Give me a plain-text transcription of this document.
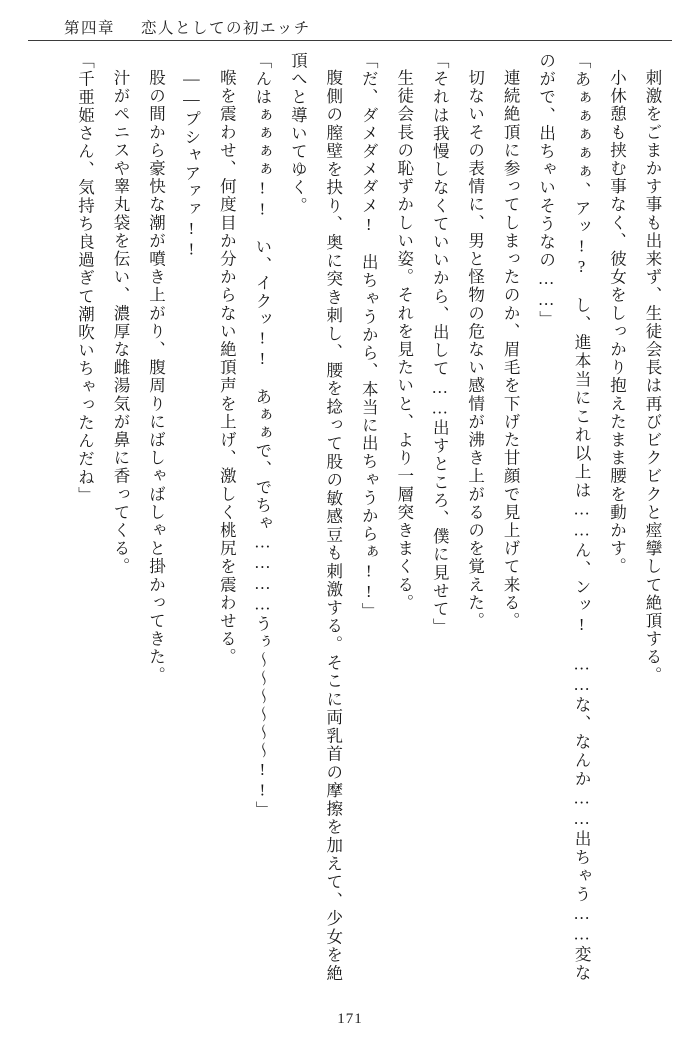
第四章 恋人としての初エッチ

刺激をごまかす事も出来ず、生徒会長は再びビクビクと痙攣して絶頂する。

小休憩も挟む事なく、彼女をしっかり抱えたまま腰を動かす。

「あぁぁぁぁぁ、アッ!?　し、進本当にこれ以上は……ん、ンッ!　……な、なんか……出ちゃう……変なのがで、出ちゃいそうなの……」

連続絶頂に参ってしまったのか、眉毛を下げた甘顔で見上げて来る。

切ないその表情に、男と怪物の危ない感情が沸き上がるのを覚えた。

「それは我慢しなくていいから、出して……出すところ、僕に見せて」

生徒会長の恥ずかしい姿。それを見たいと、より一層突きまくる。

「だ、ダメダメダメ!　出ちゃうから、本当に出ちゃうからぁ!!」

腹側の膣壁を抉り、奥に突き刺し、腰を捻って股の敏感豆も刺激する。そこに両乳首の摩擦を加えて、少女を絶頂へと導いてゆく。

「んはぁぁぁぁ!!　い、イクッ!!　あぁぁで、でちゃ…………うぅ～～～～～～!!」

喉を震わせ、何度目か分からない絶頂声を上げ、激しく桃尻を震わせる。

――プシャアァァ!!

股の間から豪快な潮が噴き上がり、腹周りにばしゃばしゃと掛かってきた。

汁がペニスや睾丸袋を伝い、濃厚な雌湯気が鼻に香ってくる。

「千亜姫さん、気持ち良過ぎて潮吹いちゃったんだね」

171
